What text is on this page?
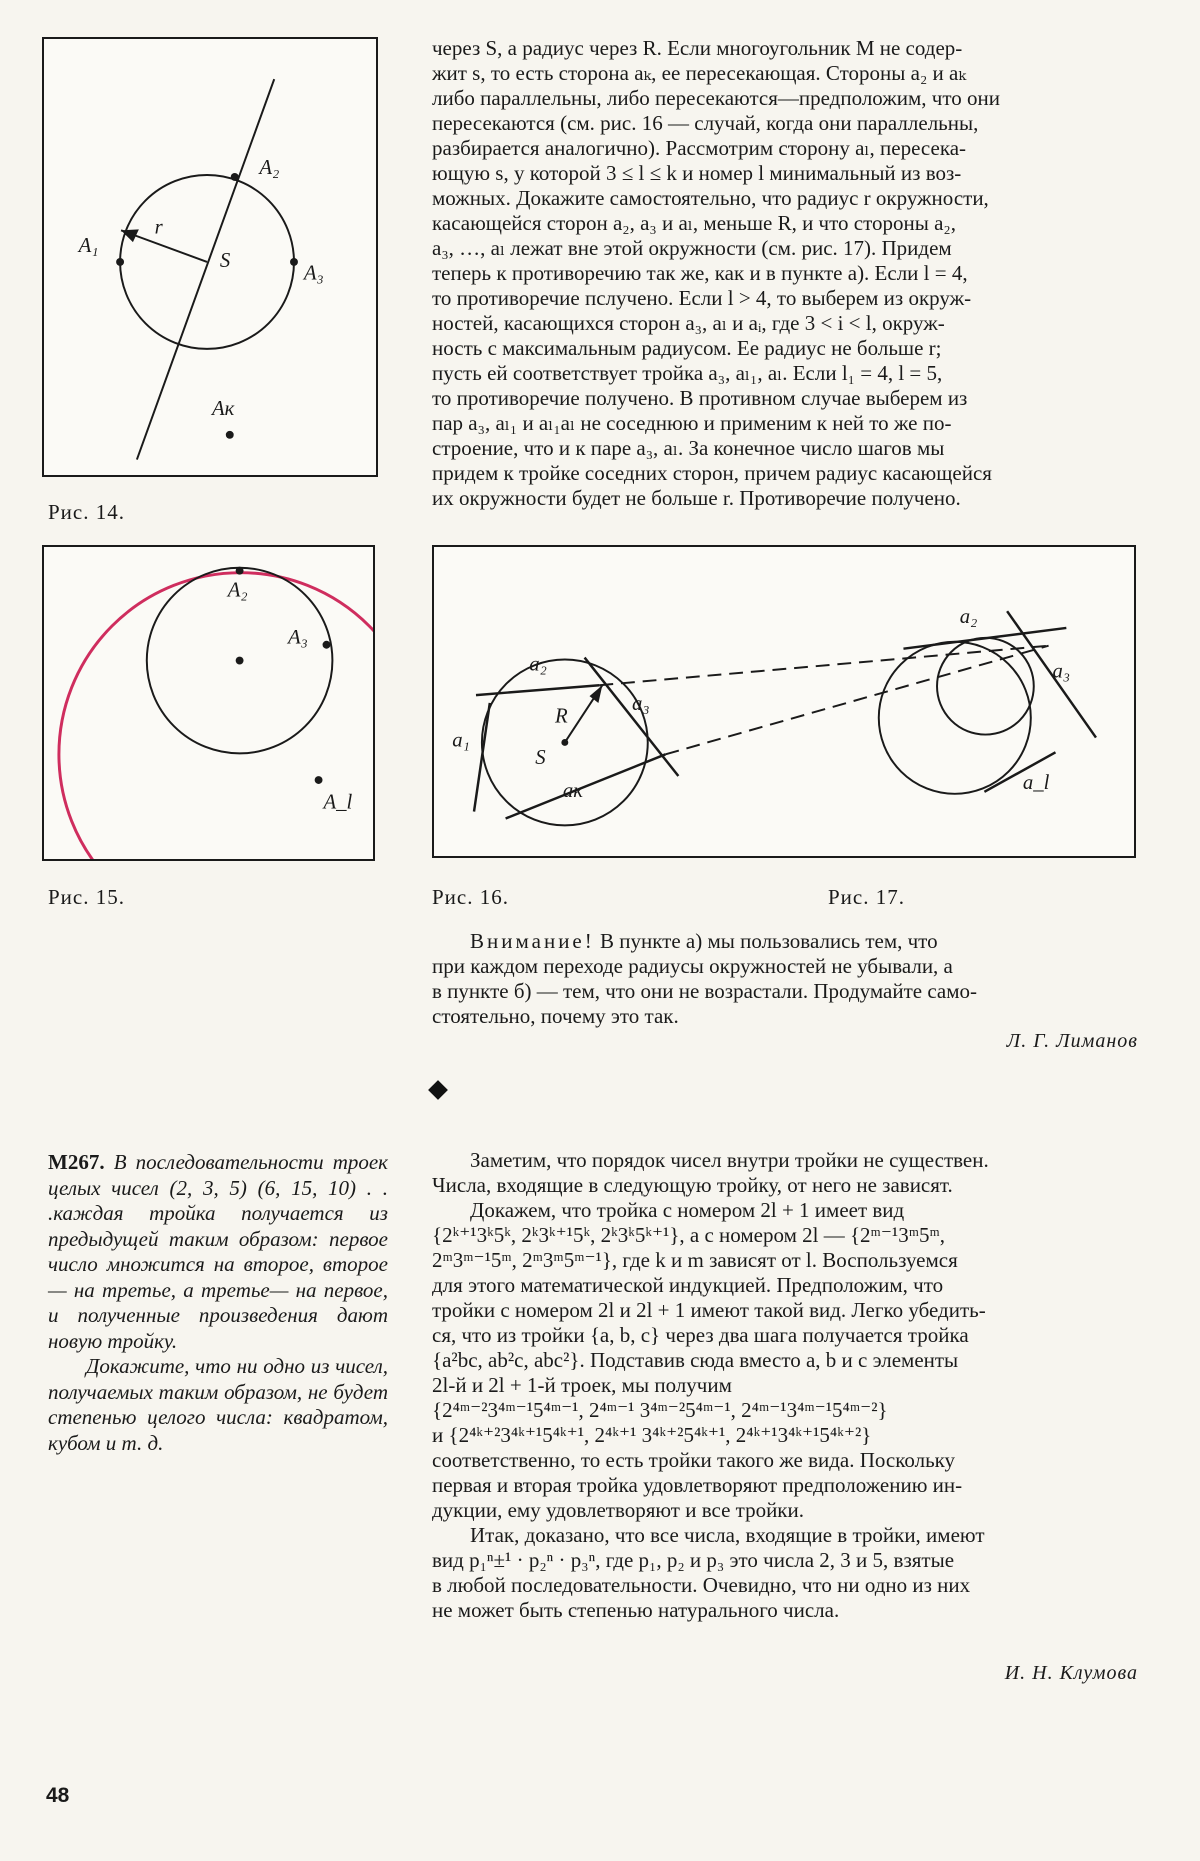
A₂
A₁
A₃
Aк
r
S
Рис. 14.
A₂
A₃
A_l
Рис. 15.

через S, а радиус через R. Если многоугольник M не содер-

жит s, то есть сторона aₖ, ее пересекающая. Стороны a₂ и aₖ

либо параллельны, либо пересекаются—предположим, что они

пересекаются (см. рис. 16 — случай, когда они параллельны,

разбирается аналогично). Рассмотрим сторону aₗ, пересека-

ющую s, у которой 3 ≤ l ≤ k и номер l минимальный из воз-

можных. Докажите самостоятельно, что радиус r окружности,

касающейся сторон a₂, a₃ и aₗ, меньше R, и что стороны a₂,

a₃, …, aₗ лежат вне этой окружности (см. рис. 17). Придем

теперь к противоречию так же, как и в пункте а). Если l = 4,

то противоречие пслучено. Если l > 4, то выберем из окруж-

ностей, касающихся сторон a₃, aₗ и aᵢ, где 3 < i < l, окруж-

ность с максимальным радиусом. Ее радиус не больше r;

пусть ей соответствует тройка a₃, aₗ₁, aₗ. Если l₁ = 4, l = 5,

то противоречие получено. В противном случае выберем из

пар a₃, aₗ₁ и aₗ₁aₗ не соседнюю и применим к ней то же по-

строение, что и к паре a₃, aₗ. За конечное число шагов мы

придем к тройке соседних сторон, причем радиус касающейся

их окружности будет не больше r. Противоречие получено.

a₂
a₃
a₁
aк
R
S
a₂
a₃
a_l
Рис. 16.	Рис. 17.

Внимание! В пункте а) мы пользовались тем, что

при каждом переходе радиусы окружностей не убывали, а

в пункте б) — тем, что они не возрастали. Продумайте само-

стоятельно, почему это так.

Л. Г. Лиманов

М267. В последовательности троек целых чисел (2, 3, 5) (6, 15, 10) . . .каждая тройка получается из предыдущей таким образом: первое число множится на второе, второе — на третье, а третье— на первое, и полученные произведения дают новую тройку.

Докажите, что ни одно из чисел, получаемых таким образом, не будет степенью целого числа: квадратом, кубом и т. д.

Заметим, что порядок чисел внутри тройки не существен.

Числа, входящие в следующую тройку, от него не зависят.

Докажем, что тройка с номером 2l + 1 имеет вид

{2ᵏ⁺¹3ᵏ5ᵏ, 2ᵏ3ᵏ⁺¹5ᵏ, 2ᵏ3ᵏ5ᵏ⁺¹}, а с номером 2l — {2ᵐ⁻¹3ᵐ5ᵐ,

2ᵐ3ᵐ⁻¹5ᵐ, 2ᵐ3ᵐ5ᵐ⁻¹}, где k и m зависят от l. Воспользуемся

для этого математической индукцией. Предположим, что

тройки с номером 2l и 2l + 1 имеют такой вид. Легко убедить-

ся, что из тройки {a, b, c} через два шага получается тройка

{a²bc, ab²c, abc²}. Подставив сюда вместо a, b и c элементы

2l-й и 2l + 1-й троек, мы получим

{2⁴ᵐ⁻²3⁴ᵐ⁻¹5⁴ᵐ⁻¹, 2⁴ᵐ⁻¹ 3⁴ᵐ⁻²5⁴ᵐ⁻¹, 2⁴ᵐ⁻¹3⁴ᵐ⁻¹5⁴ᵐ⁻²}

и {2⁴ᵏ⁺²3⁴ᵏ⁺¹5⁴ᵏ⁺¹, 2⁴ᵏ⁺¹ 3⁴ᵏ⁺²5⁴ᵏ⁺¹, 2⁴ᵏ⁺¹3⁴ᵏ⁺¹5⁴ᵏ⁺²}

соответственно, то есть тройки такого же вида. Поскольку

первая и вторая тройка удовлетворяют предположению ин-

дукции, ему удовлетворяют и все тройки.

Итак, доказано, что все числа, входящие в тройки, имеют

вид p₁ⁿ±¹ · p₂ⁿ · p₃ⁿ, где p₁, p₂ и p₃ это числа 2, 3 и 5, взятые

в любой последовательности. Очевидно, что ни одно из них

не может быть степенью натурального числа.

И. Н. Клумова
48
